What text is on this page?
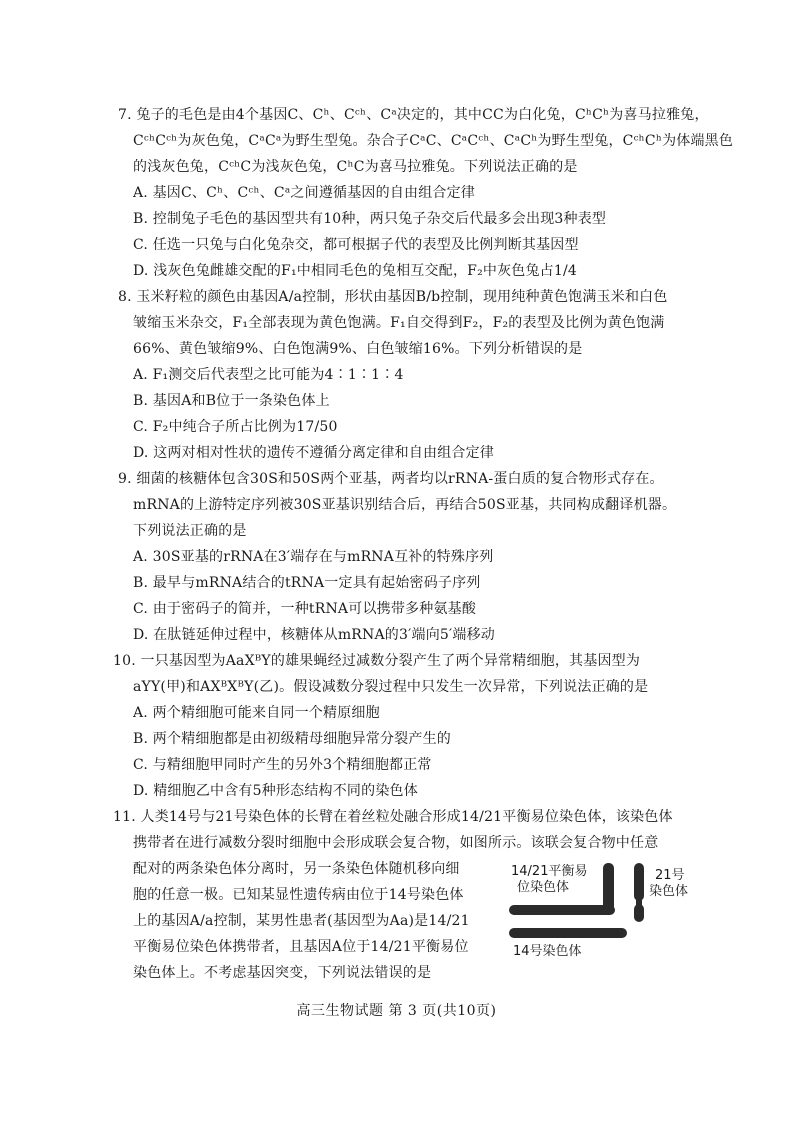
7. 兔子的毛色是由4个基因C、Cʰ、Cᶜʰ、Cᵃ决定的，其中CC为白化兔，CʰCʰ为喜马拉雅兔，
CᶜʰCᶜʰ为灰色兔，CᵃCᵃ为野生型兔。杂合子CᵃC、CᵃCᶜʰ、CᵃCʰ为野生型兔，CᶜʰCʰ为体端黑色
的浅灰色兔，CᶜʰC为浅灰色兔，CʰC为喜马拉雅兔。下列说法正确的是
A. 基因C、Cʰ、Cᶜʰ、Cᵃ之间遵循基因的自由组合定律
B. 控制兔子毛色的基因型共有10种，两只兔子杂交后代最多会出现3种表型
C. 任选一只兔与白化兔杂交，都可根据子代的表型及比例判断其基因型
D. 浅灰色兔雌雄交配的F₁中相同毛色的兔相互交配，F₂中灰色兔占1/4
8. 玉米籽粒的颜色由基因A/a控制，形状由基因B/b控制，现用纯种黄色饱满玉米和白色
皱缩玉米杂交，F₁全部表现为黄色饱满。F₁自交得到F₂，F₂的表型及比例为黄色饱满
66%、黄色皱缩9%、白色饱满9%、白色皱缩16%。下列分析错误的是
A. F₁测交后代表型之比可能为4∶1∶1∶4
B. 基因A和B位于一条染色体上
C. F₂中纯合子所占比例为17/50
D. 这两对相对性状的遗传不遵循分离定律和自由组合定律
9. 细菌的核糖体包含30S和50S两个亚基，两者均以rRNA-蛋白质的复合物形式存在。
mRNA的上游特定序列被30S亚基识别结合后，再结合50S亚基，共同构成翻译机器。
下列说法正确的是
A. 30S亚基的rRNA在3′端存在与mRNA互补的特殊序列
B. 最早与mRNA结合的tRNA一定具有起始密码子序列
C. 由于密码子的简并，一种tRNA可以携带多种氨基酸
D. 在肽链延伸过程中，核糖体从mRNA的3′端向5′端移动
10. 一只基因型为AaXᴮY的雄果蝇经过减数分裂产生了两个异常精细胞，其基因型为
aYY(甲)和AXᴮXᴮY(乙)。假设减数分裂过程中只发生一次异常，下列说法正确的是
A. 两个精细胞可能来自同一个精原细胞
B. 两个精细胞都是由初级精母细胞异常分裂产生的
C. 与精细胞甲同时产生的另外3个精细胞都正常
D. 精细胞乙中含有5种形态结构不同的染色体
11. 人类14号与21号染色体的长臂在着丝粒处融合形成14/21平衡易位染色体，该染色体
携带者在进行减数分裂时细胞中会形成联会复合物，如图所示。该联会复合物中任意
配对的两条染色体分离时，另一条染色体随机移向细
胞的任意一极。已知某显性遗传病由位于14号染色体
上的基因A/a控制，某男性患者(基因型为Aa)是14/21
平衡易位染色体携带者，且基因A位于14/21平衡易位
染色体上。不考虑基因突变，下列说法错误的是
14/21平衡易
位染色体
21号
染色体
14号染色体
高三生物试题 第 3 页(共10页)
